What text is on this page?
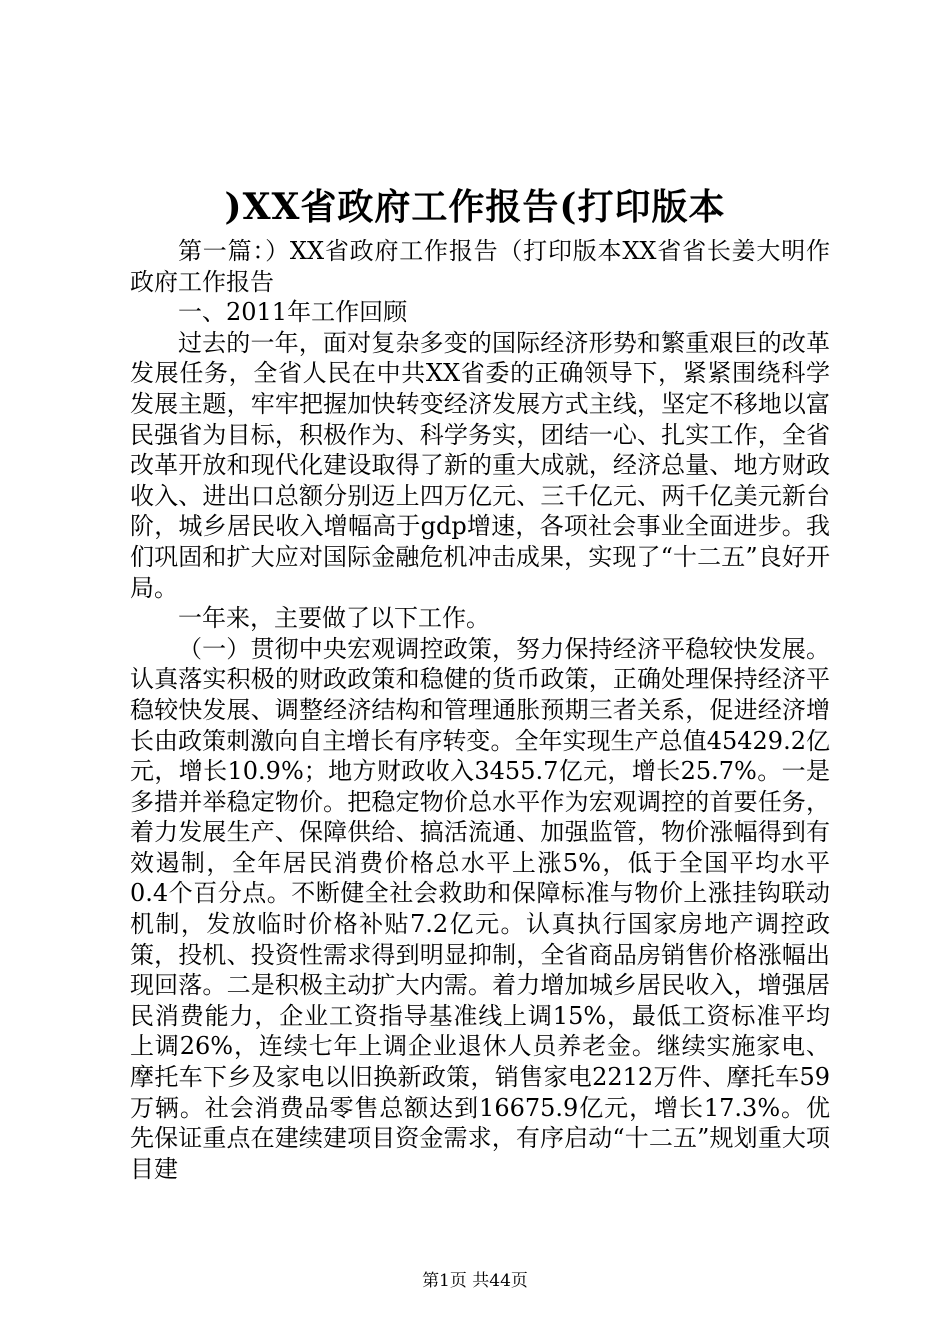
)XX省政府工作报告(打印版本

第一篇：）XX省政府工作报告（打印版本XX省省长姜大明作政府工作报告

一、2011年工作回顾

过去的一年，面对复杂多变的国际经济形势和繁重艰巨的改革发展任务，全省人民在中共XX省委的正确领导下，紧紧围绕科学发展主题，牢牢把握加快转变经济发展方式主线，坚定不移地以富民强省为目标，积极作为、科学务实，团结一心、扎实工作，全省改革开放和现代化建设取得了新的重大成就，经济总量、地方财政收入、进出口总额分别迈上四万亿元、三千亿元、两千亿美元新台阶，城乡居民收入增幅高于gdp增速，各项社会事业全面进步。我们巩固和扩大应对国际金融危机冲击成果，实现了“十二五”良好开局。

一年来，主要做了以下工作。

（一）贯彻中央宏观调控政策，努力保持经济平稳较快发展。认真落实积极的财政政策和稳健的货币政策，正确处理保持经济平稳较快发展、调整经济结构和管理通胀预期三者关系，促进经济增长由政策刺激向自主增长有序转变。全年实现生产总值45429.2亿元，增长10.9%；地方财政收入3455.7亿元，增长25.7%。一是多措并举稳定物价。把稳定物价总水平作为宏观调控的首要任务，着力发展生产、保障供给、搞活流通、加强监管，物价涨幅得到有效遏制，全年居民消费价格总水平上涨5%，低于全国平均水平0.4个百分点。不断健全社会救助和保障标准与物价上涨挂钩联动机制，发放临时价格补贴7.2亿元。认真执行国家房地产调控政策，投机、投资性需求得到明显抑制，全省商品房销售价格涨幅出现回落。二是积极主动扩大内需。着力增加城乡居民收入，增强居民消费能力，企业工资指导基准线上调15%，最低工资标准平均上调26%，连续七年上调企业退休人员养老金。继续实施家电、摩托车下乡及家电以旧换新政策，销售家电2212万件、摩托车59万辆。社会消费品零售总额达到16675.9亿元，增长17.3%。优先保证重点在建续建项目资金需求，有序启动“十二五”规划重大项目建

第1页 共44页
